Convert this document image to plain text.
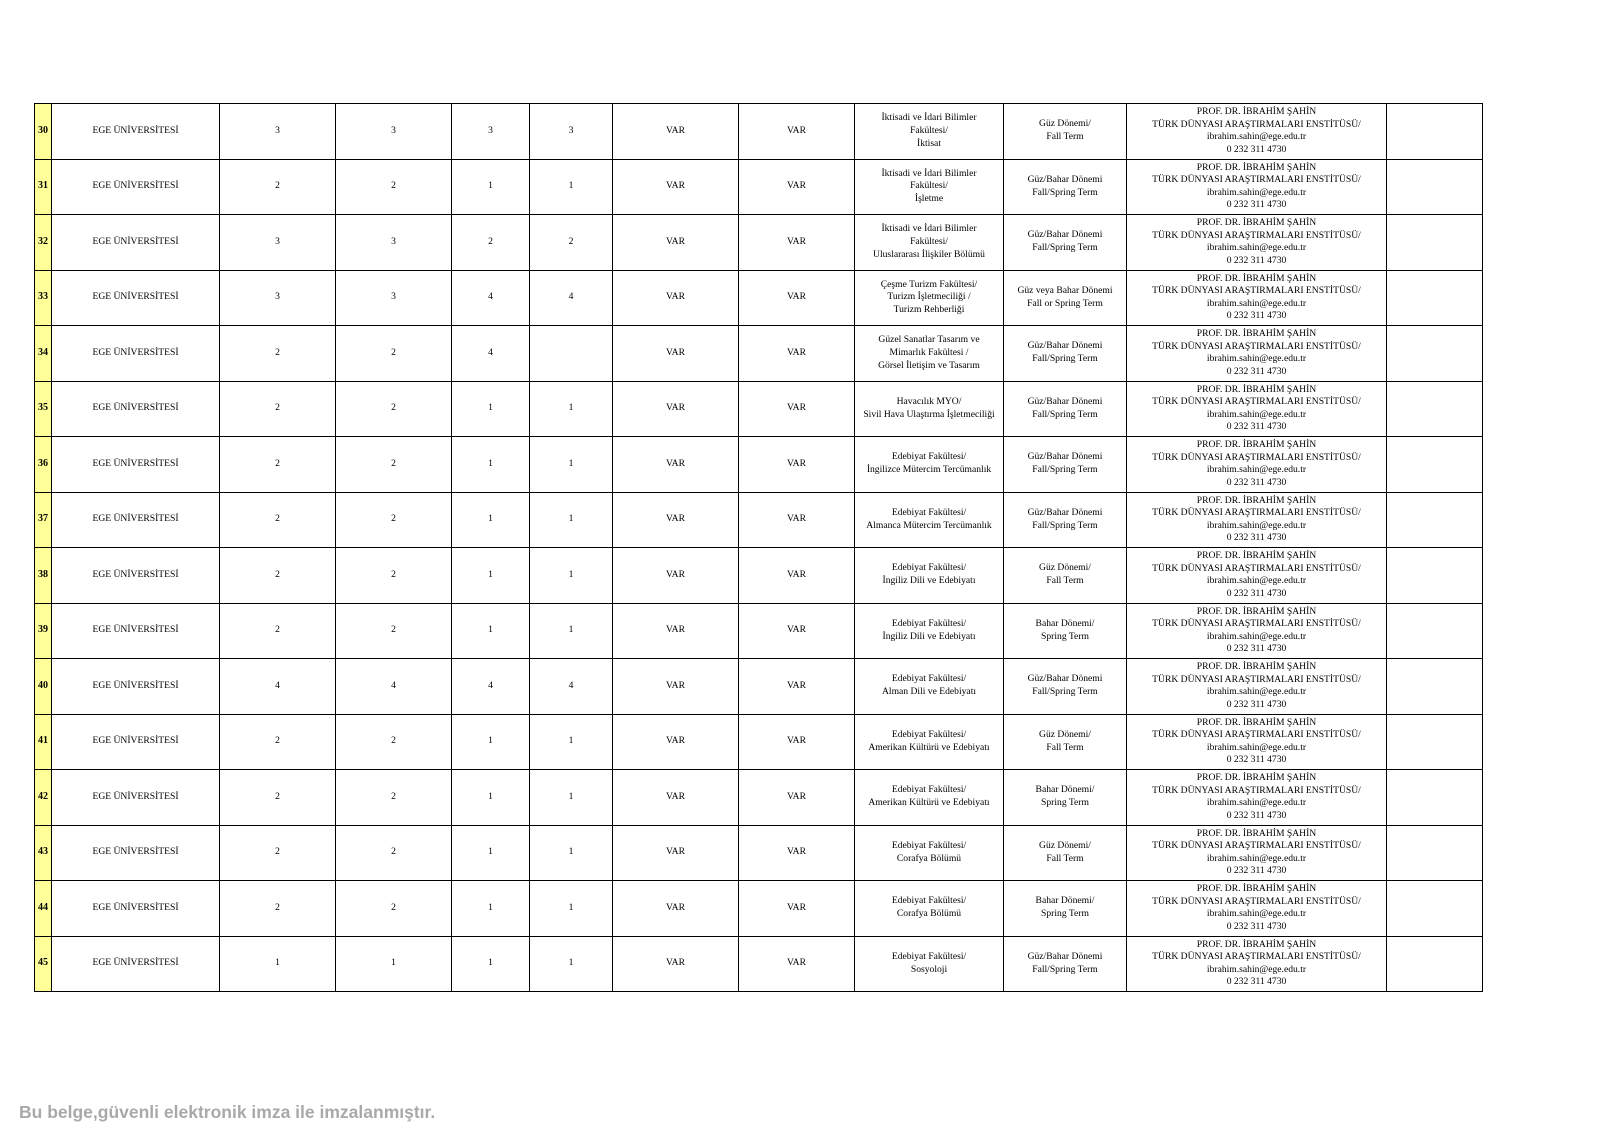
30	EGE ÜNİVERSİTESİ	3	3	3	3	VAR	VAR	İktisadi ve İdari Bilimler
Fakültesi/
İktisat	Güz Dönemi/
Fall Term	PROF. DR. İBRAHİM ŞAHİN
TÜRK DÜNYASI ARAŞTIRMALARI ENSTİTÜSÜ/
ibrahim.sahin@ege.edu.tr
0 232 311 4730	

31	EGE ÜNİVERSİTESİ	2	2	1	1	VAR	VAR	İktisadi ve İdari Bilimler
Fakültesi/
İşletme	Güz/Bahar Dönemi
Fall/Spring Term	PROF. DR. İBRAHİM ŞAHİN
TÜRK DÜNYASI ARAŞTIRMALARI ENSTİTÜSÜ/
ibrahim.sahin@ege.edu.tr
0 232 311 4730	

32	EGE ÜNİVERSİTESİ	3	3	2	2	VAR	VAR	İktisadi ve İdari Bilimler
Fakültesi/
Uluslararası İlişkiler Bölümü	Güz/Bahar Dönemi
Fall/Spring Term	PROF. DR. İBRAHİM ŞAHİN
TÜRK DÜNYASI ARAŞTIRMALARI ENSTİTÜSÜ/
ibrahim.sahin@ege.edu.tr
0 232 311 4730	

33	EGE ÜNİVERSİTESİ	3	3	4	4	VAR	VAR	Çeşme Turizm Fakültesi/
Turizm İşletmeciliği /
Turizm Rehberliği	Güz veya Bahar Dönemi
Fall or Spring Term	PROF. DR. İBRAHİM ŞAHİN
TÜRK DÜNYASI ARAŞTIRMALARI ENSTİTÜSÜ/
ibrahim.sahin@ege.edu.tr
0 232 311 4730	

34	EGE ÜNİVERSİTESİ	2	2	4		VAR	VAR	Güzel Sanatlar Tasarım ve
Mimarlık Fakültesi /
Görsel İletişim ve Tasarım	Güz/Bahar Dönemi
Fall/Spring Term	PROF. DR. İBRAHİM ŞAHİN
TÜRK DÜNYASI ARAŞTIRMALARI ENSTİTÜSÜ/
ibrahim.sahin@ege.edu.tr
0 232 311 4730	

35	EGE ÜNİVERSİTESİ	2	2	1	1	VAR	VAR	Havacılık MYO/
Sivil Hava Ulaştırma İşletmeciliği	Güz/Bahar Dönemi
Fall/Spring Term	PROF. DR. İBRAHİM ŞAHİN
TÜRK DÜNYASI ARAŞTIRMALARI ENSTİTÜSÜ/
ibrahim.sahin@ege.edu.tr
0 232 311 4730	

36	EGE ÜNİVERSİTESİ	2	2	1	1	VAR	VAR	Edebiyat Fakültesi/
İngilizce Mütercim Tercümanlık	Güz/Bahar Dönemi
Fall/Spring Term	PROF. DR. İBRAHİM ŞAHİN
TÜRK DÜNYASI ARAŞTIRMALARI ENSTİTÜSÜ/
ibrahim.sahin@ege.edu.tr
0 232 311 4730	

37	EGE ÜNİVERSİTESİ	2	2	1	1	VAR	VAR	Edebiyat Fakültesi/
Almanca Mütercim Tercümanlık	Güz/Bahar Dönemi
Fall/Spring Term	PROF. DR. İBRAHİM ŞAHİN
TÜRK DÜNYASI ARAŞTIRMALARI ENSTİTÜSÜ/
ibrahim.sahin@ege.edu.tr
0 232 311 4730	

38	EGE ÜNİVERSİTESİ	2	2	1	1	VAR	VAR	Edebiyat Fakültesi/
İngiliz Dili ve Edebiyatı	Güz Dönemi/
Fall Term	PROF. DR. İBRAHİM ŞAHİN
TÜRK DÜNYASI ARAŞTIRMALARI ENSTİTÜSÜ/
ibrahim.sahin@ege.edu.tr
0 232 311 4730	

39	EGE ÜNİVERSİTESİ	2	2	1	1	VAR	VAR	Edebiyat Fakültesi/
İngiliz Dili ve Edebiyatı	Bahar Dönemi/
Spring Term	PROF. DR. İBRAHİM ŞAHİN
TÜRK DÜNYASI ARAŞTIRMALARI ENSTİTÜSÜ/
ibrahim.sahin@ege.edu.tr
0 232 311 4730	

40	EGE ÜNİVERSİTESİ	4	4	4	4	VAR	VAR	Edebiyat Fakültesi/
Alman Dili ve Edebiyatı	Güz/Bahar Dönemi
Fall/Spring Term	PROF. DR. İBRAHİM ŞAHİN
TÜRK DÜNYASI ARAŞTIRMALARI ENSTİTÜSÜ/
ibrahim.sahin@ege.edu.tr
0 232 311 4730	

41	EGE ÜNİVERSİTESİ	2	2	1	1	VAR	VAR	Edebiyat Fakültesi/
Amerikan Kültürü ve Edebiyatı	Güz Dönemi/
Fall Term	PROF. DR. İBRAHİM ŞAHİN
TÜRK DÜNYASI ARAŞTIRMALARI ENSTİTÜSÜ/
ibrahim.sahin@ege.edu.tr
0 232 311 4730	

42	EGE ÜNİVERSİTESİ	2	2	1	1	VAR	VAR	Edebiyat Fakültesi/
Amerikan Kültürü ve Edebiyatı	Bahar Dönemi/
Spring Term	PROF. DR. İBRAHİM ŞAHİN
TÜRK DÜNYASI ARAŞTIRMALARI ENSTİTÜSÜ/
ibrahim.sahin@ege.edu.tr
0 232 311 4730	

43	EGE ÜNİVERSİTESİ	2	2	1	1	VAR	VAR	Edebiyat Fakültesi/
Corafya Bölümü	Güz Dönemi/
Fall Term	PROF. DR. İBRAHİM ŞAHİN
TÜRK DÜNYASI ARAŞTIRMALARI ENSTİTÜSÜ/
ibrahim.sahin@ege.edu.tr
0 232 311 4730	

44	EGE ÜNİVERSİTESİ	2	2	1	1	VAR	VAR	Edebiyat Fakültesi/
Corafya Bölümü	Bahar Dönemi/
Spring Term	PROF. DR. İBRAHİM ŞAHİN
TÜRK DÜNYASI ARAŞTIRMALARI ENSTİTÜSÜ/
ibrahim.sahin@ege.edu.tr
0 232 311 4730	

45	EGE ÜNİVERSİTESİ	1	1	1	1	VAR	VAR	Edebiyat Fakültesi/
Sosyoloji	Güz/Bahar Dönemi
Fall/Spring Term	PROF. DR. İBRAHİM ŞAHİN
TÜRK DÜNYASI ARAŞTIRMALARI ENSTİTÜSÜ/
ibrahim.sahin@ege.edu.tr
0 232 311 4730	

Bu belge,güvenli elektronik imza ile imzalanmıştır.
